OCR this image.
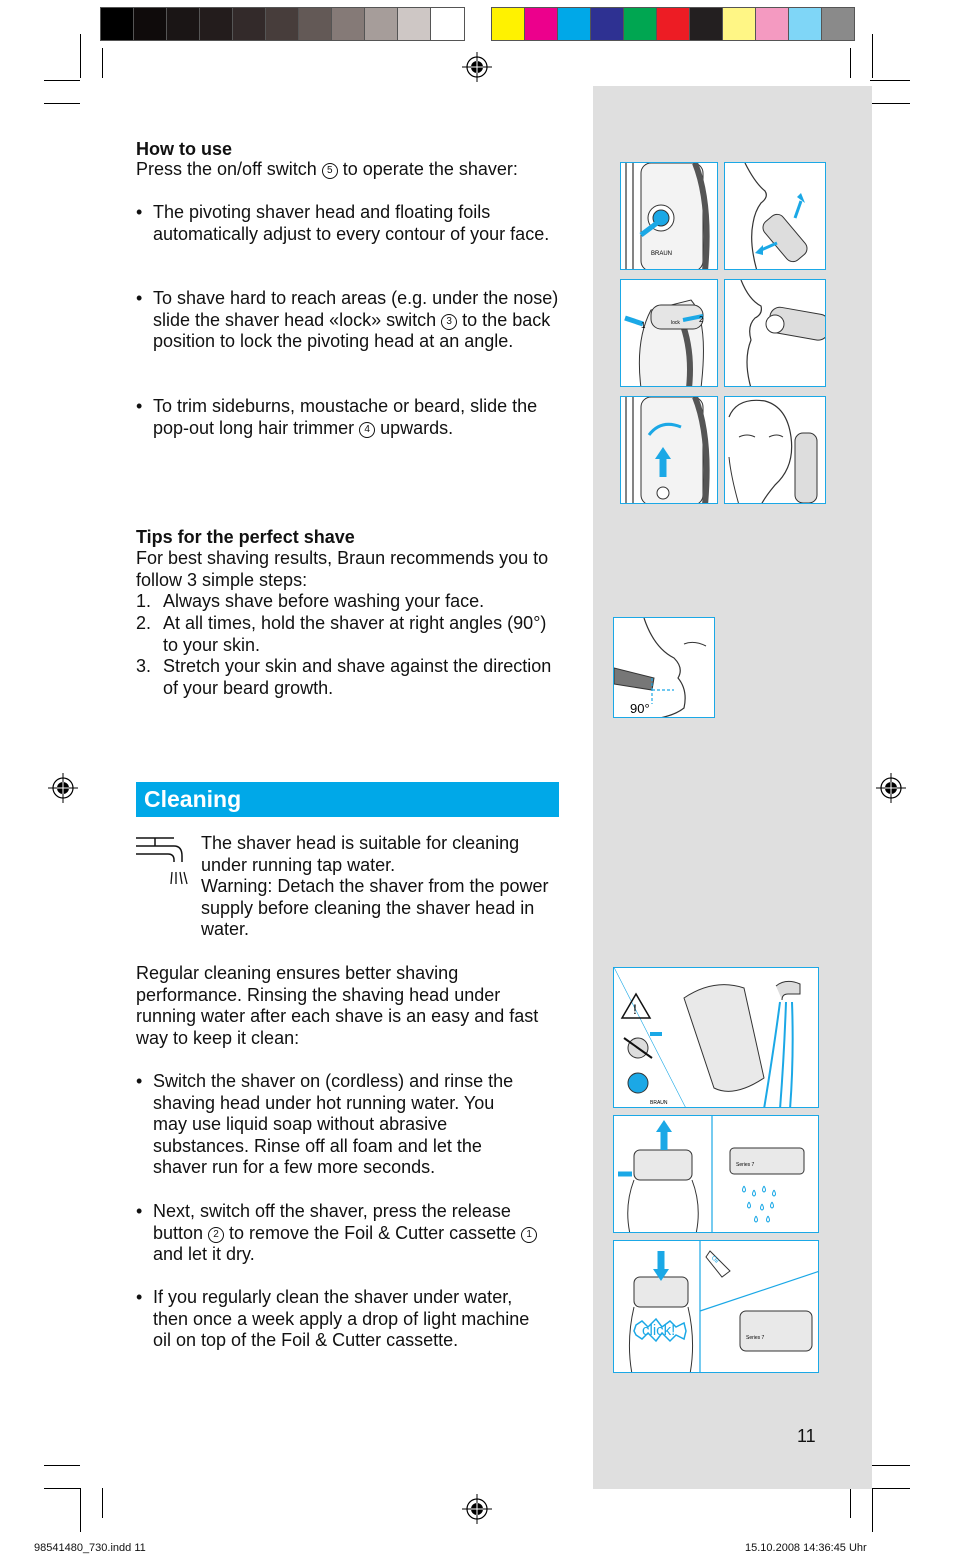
How to use
Press the on/off switch 5 to operate the shaver:
• The pivoting shaver head and floating foils automatically adjust to every contour of your face.
• To shave hard to reach areas (e.g. under the nose) slide the shaver head «lock» switch 3 to the back position to lock the pivoting head at an angle.
• To trim sideburns, moustache or beard, slide the pop-out long hair trimmer 4 upwards.
Tips for the perfect shave
For best shaving results, Braun recommends you to follow 3 simple steps:
1. Always shave before washing your face.
2. At all times, hold the shaver at right angles (90°) to your skin.
3. Stretch your skin and shave against the direction of your beard growth.
Cleaning
The shaver head is suitable for cleaning under running tap water.
Warning: Detach the shaver from the power supply before cleaning the shaver head in water.
Regular cleaning ensures better shaving performance. Rinsing the shaving head under running water after each shave is an easy and fast way to keep it clean:
• Switch the shaver on (cordless) and rinse the shaving head under hot running water. You may use liquid soap without abrasive substances. Rinse off all foam and let the shaver run for a few more seconds.
• Next, switch off the shaver, press the release button 2 to remove the Foil & Cutter cassette 1 and let it dry.
• If you regularly clean the shaver under water, then once a week apply a drop of light machine oil on top of the Foil & Cutter cassette.
BRAUN
1	lock 2
90°
!
BRAUN
Series 7
click!
Oil
Series 7
11
98541480_730.indd 11	15.10.2008 14:36:45 Uhr
